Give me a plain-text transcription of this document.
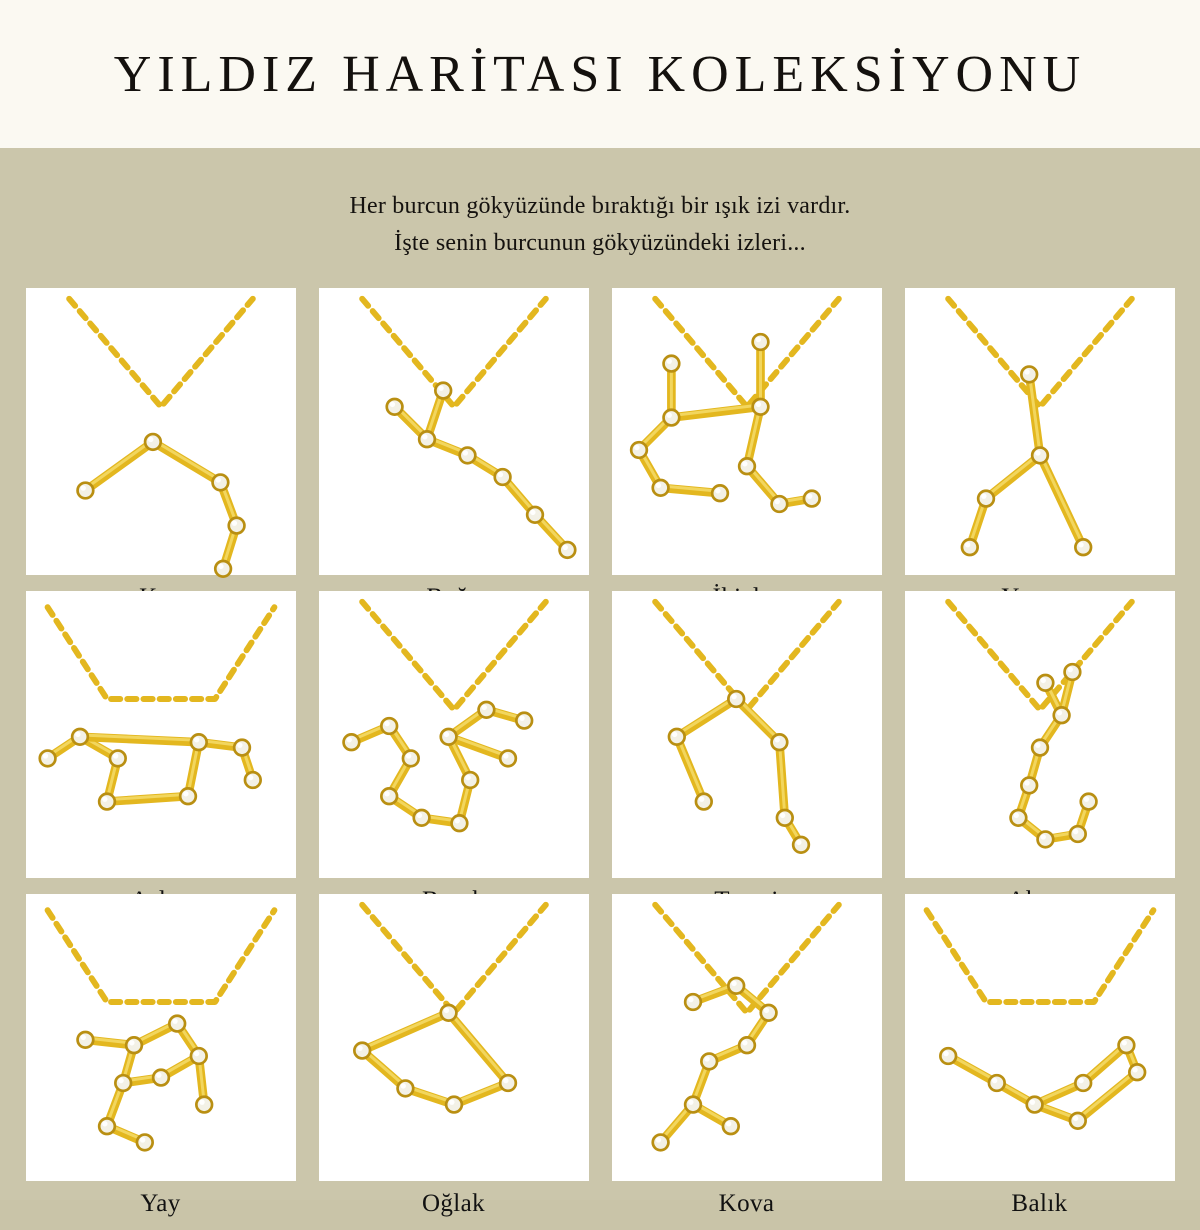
YILDIZ HARİTASI KOLEKSİYONU
Her burcun gökyüzünde bıraktığı bir ışık izi vardır.
İşte senin burcunun gökyüzündeki izleri...
Yay	Oğlak	Kova	Balık
